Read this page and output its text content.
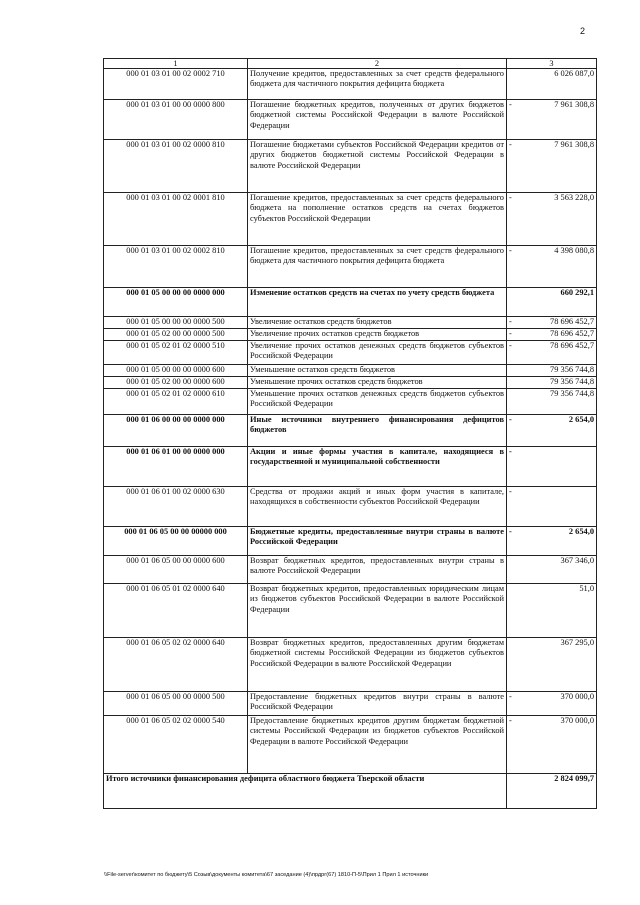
2
1	2	3
000 01 03 01 00 02 0002 710	Получение кредитов, предоставленных за счет средств федерального бюджета для частичного покрытия дефицита бюджета	6 026 087,0
000 01 03 01 00 00 0000 800	Погашение бюджетных кредитов, полученных от других бюджетов бюджетной системы Российской Федерации в валюте Российской Федерации	- 7 961 308,8
000 01 03 01 00 02 0000 810	Погашение бюджетами субъектов Российской Федерации кредитов от других бюджетов бюджетной системы Российской Федерации в валюте Российской Федерации	- 7 961 308,8
000 01 03 01 00 02 0001 810	Погашение кредитов, предоставленных за счет средств федерального бюджета на пополнение остатков средств на счетах бюджетов субъектов Российской Федерации	- 3 563 228,0
000 01 03 01 00 02 0002 810	Погашение кредитов, предоставленных за счет средств федерального бюджета для частичного покрытия дефицита бюджета	- 4 398 080,8
000 01 05 00 00 00 0000 000	Изменение остатков средств на счетах по учету средств бюджета	660 292,1
000 01 05 00 00 00 0000 500	Увеличение остатков средств бюджетов	- 78 696 452,7
000 01 05 02 00 00 0000 500	Увеличение прочих остатков средств бюджетов	- 78 696 452,7
000 01 05 02 01 02 0000 510	Увеличение прочих остатков денежных средств бюджетов субъектов Российской Федерации	- 78 696 452,7
000 01 05 00 00 00 0000 600	Уменьшение остатков средств бюджетов	79 356 744,8
000 01 05 02 00 00 0000 600	Уменьшение прочих остатков средств бюджетов	79 356 744,8
000 01 05 02 01 02 0000 610	Уменьшение прочих остатков денежных средств бюджетов субъектов Российской Федерации	79 356 744,8
000 01 06 00 00 00 0000 000	Иные источники внутреннего финансирования дефицитов бюджетов	- 2 654,0
000 01 06 01 00 00 0000 000	Акции и иные формы участия в капитале, находящиеся в государственной и муниципальной собственности	-

000 01 06 01 00 02 0000 630	Средства от продажи акций и иных форм участия в капитале, находящихся в собственности субъектов Российской Федерации	-

000 01 06 05 00 00 00000 000	Бюджетные кредиты, предоставленные внутри страны в валюте Российской Федерации	- 2 654,0
000 01 06 05 00 00 0000 600	Возврат бюджетных кредитов, предоставленных внутри страны в валюте Российской Федерации	367 346,0
000 01 06 05 01 02 0000 640	Возврат бюджетных кредитов, предоставленных юридическим лицам из бюджетов субъектов Российской Федерации в валюте Российской Федерации	51,0
000 01 06 05 02 02 0000 640	Возврат бюджетных кредитов, предоставленных другим бюджетам бюджетной системы Российской Федерации из бюджетов субъектов Российской Федерации в валюте Российской Федерации	367 295,0
000 01 06 05 00 00 0000 500	Предоставление бюджетных кредитов внутри страны в валюте Российской Федерации	- 370 000,0
000 01 06 05 02 02 0000 540	Предоставление бюджетных кредитов другим бюджетам бюджетной системы Российской Федерации из бюджетов субъектов Российской Федерации в валюте Российской Федерации	- 370 000,0
Итого источники финансирования дефицита областного бюджета Тверской области		2 824 099,7
\\File-server\комитет по бюджету\5 Созыв\документы комитета\67 заседание (4)\прдрг(67) 1810-П-5\Прил 1 Прил 1 источники
